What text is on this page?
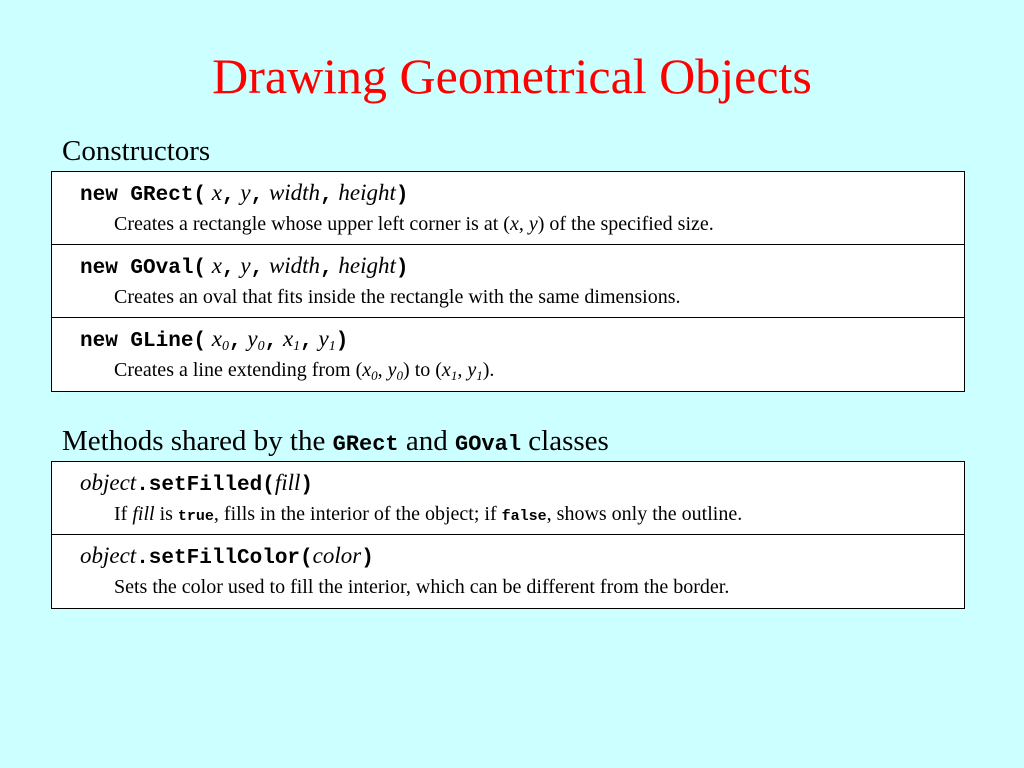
Drawing Geometrical Objects
Constructors
new GRect( x, y, width, height)
Creates a rectangle whose upper left corner is at (x, y) of the specified size.
new GOval( x, y, width, height)
Creates an oval that fits inside the rectangle with the same dimensions.
new GLine( $x_0$, $y_0$, $x_1$, $y_1$)
Creates a line extending from ($x_0$, $y_0$) to ($x_1$, $y_1$).
Methods shared by the GRect and GOval classes
object.setFilled(fill)
If fill is true, fills in the interior of the object; if false, shows only the outline.
object.setFillColor(color)
Sets the color used to fill the interior, which can be different from the border.
